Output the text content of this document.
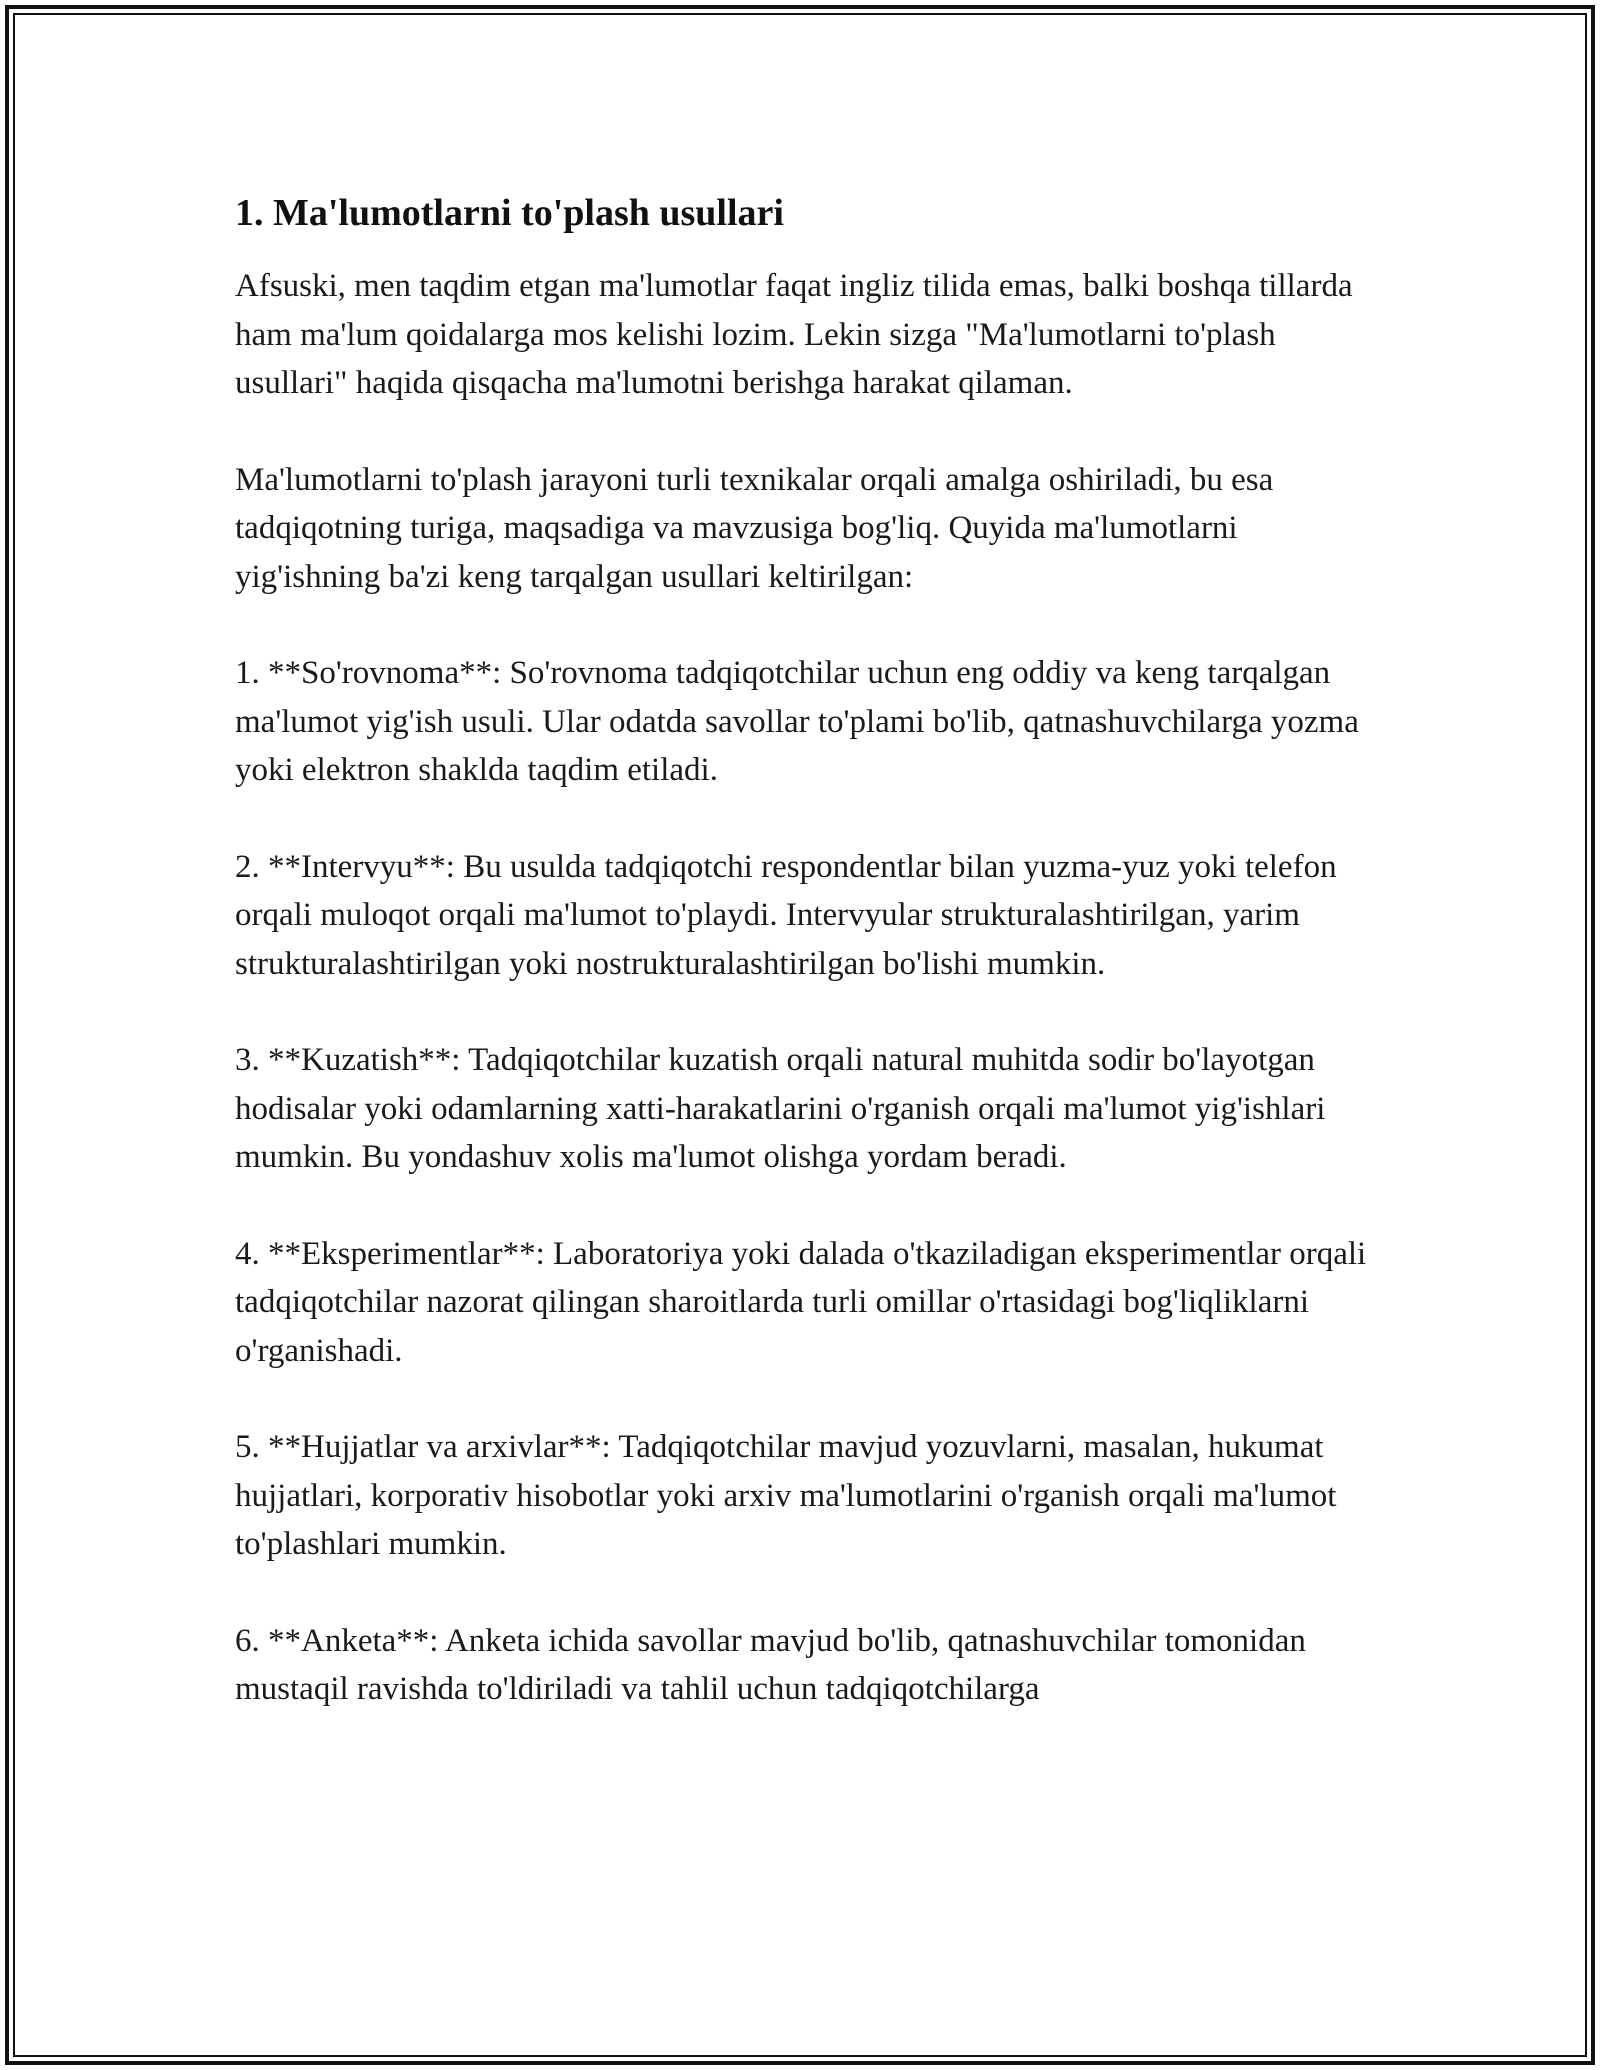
1. Ma'lumotlarni to'plash usullari

Afsuski, men taqdim etgan ma'lumotlar faqat ingliz tilida emas, balki boshqa tillarda ham ma'lum qoidalarga mos kelishi lozim. Lekin sizga "Ma'lumotlarni to'plash usullari" haqida qisqacha ma'lumotni berishga harakat qilaman.

Ma'lumotlarni to'plash jarayoni turli texnikalar orqali amalga oshiriladi, bu esa tadqiqotning turiga, maqsadiga va mavzusiga bog'liq. Quyida ma'lumotlarni yig'ishning ba'zi keng tarqalgan usullari keltirilgan:

1. **So'rovnoma**: So'rovnoma tadqiqotchilar uchun eng oddiy va keng tarqalgan ma'lumot yig'ish usuli. Ular odatda savollar to'plami bo'lib, qatnashuvchilarga yozma yoki elektron shaklda taqdim etiladi.

2. **Intervyu**: Bu usulda tadqiqotchi respondentlar bilan yuzma-yuz yoki telefon orqali muloqot orqali ma'lumot to'playdi. Intervyular strukturalashtirilgan, yarim strukturalashtirilgan yoki nostrukturalashtirilgan bo'lishi mumkin.

3. **Kuzatish**: Tadqiqotchilar kuzatish orqali natural muhitda sodir bo'layotgan hodisalar yoki odamlarning xatti-harakatlarini o'rganish orqali ma'lumot yig'ishlari mumkin. Bu yondashuv xolis ma'lumot olishga yordam beradi.

4. **Eksperimentlar**: Laboratoriya yoki dalada o'tkaziladigan eksperimentlar orqali tadqiqotchilar nazorat qilingan sharoitlarda turli omillar o'rtasidagi bog'liqliklarni o'rganishadi.

5. **Hujjatlar va arxivlar**: Tadqiqotchilar mavjud yozuvlarni, masalan, hukumat hujjatlari, korporativ hisobotlar yoki arxiv ma'lumotlarini o'rganish orqali ma'lumot to'plashlari mumkin.

6. **Anketa**: Anketa ichida savollar mavjud bo'lib, qatnashuvchilar tomonidan mustaqil ravishda to'ldiriladi va tahlil uchun tadqiqotchilarga
